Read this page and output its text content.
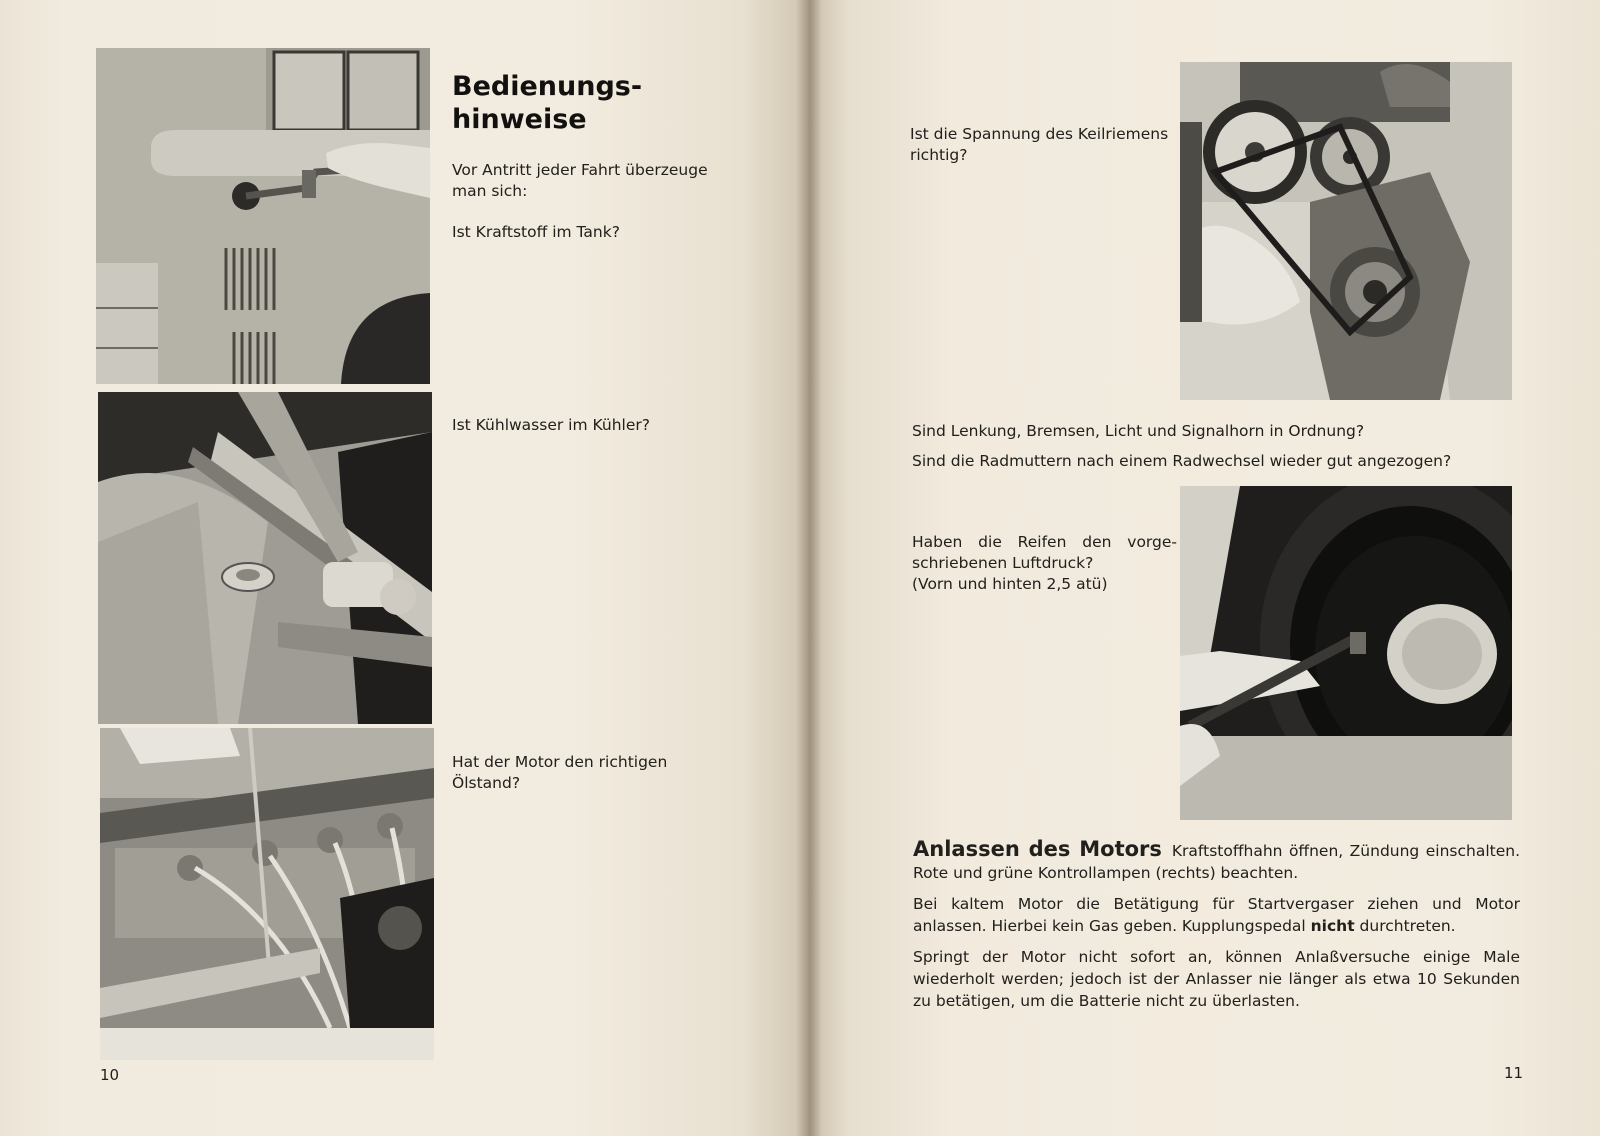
Bedienungs-
hinweise

Vor Antritt jeder Fahrt überzeuge man sich:

Ist Kraftstoff im Tank?

Ist Kühlwasser im Kühler?

Hat der Motor den richtigen Ölstand?

10

Ist die Spannung des Keilriemens richtig?

Sind Lenkung, Bremsen, Licht und Signalhorn in Ordnung?

Sind die Radmuttern nach einem Radwechsel wieder gut angezogen?

Haben die Reifen den vorge-
schriebenen Luftdruck?
(Vorn und hinten 2,5 atü)

11

Anlassen des Motors Kraftstoffhahn öffnen, Zündung einschalten. Rote und grüne Kontrollampen (rechts) beachten.

Bei kaltem Motor die Betätigung für Startvergaser ziehen und Motor anlassen. Hierbei kein Gas geben. Kupplungspedal nicht durchtreten.

Springt der Motor nicht sofort an, können Anlaßversuche einige Male wiederholt werden; jedoch ist der Anlasser nie länger als etwa 10 Sekunden zu betätigen, um die Batterie nicht zu überlasten.
